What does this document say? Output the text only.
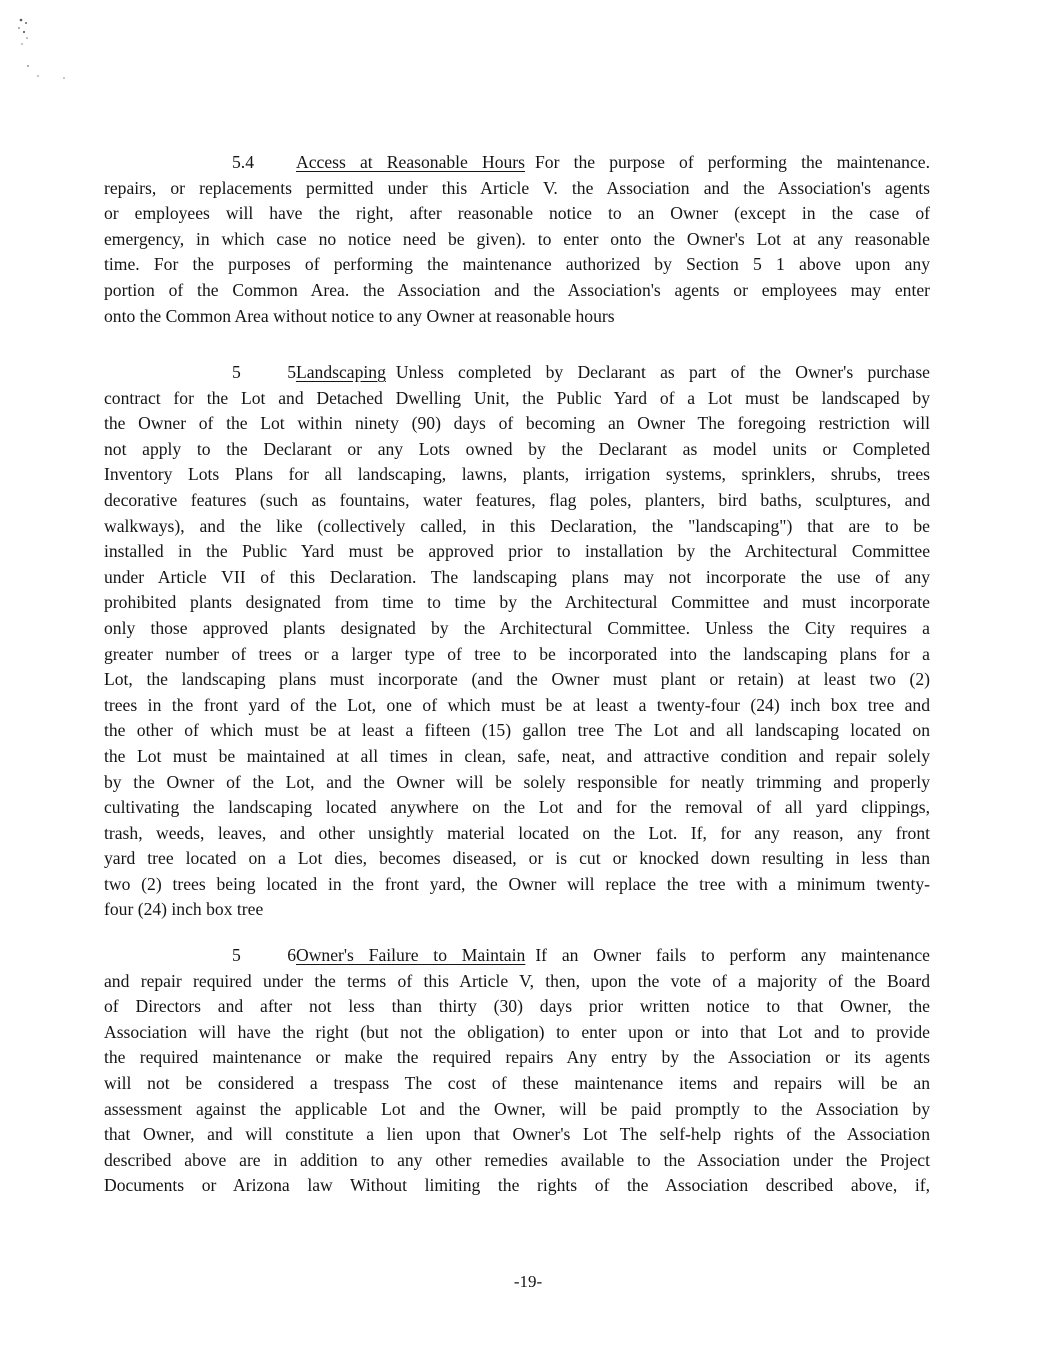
5.4 Access at Reasonable Hours For the purpose of performing the maintenance.
repairs, or replacements permitted under this Article V. the Association and the Association's agents
or employees will have the right, after reasonable notice to an Owner (except in the case of
emergency, in which case no notice need be given). to enter onto the Owner's Lot at any reasonable
time. For the purposes of performing the maintenance authorized by Section 5 1 above upon any
portion of the Common Area. the Association and the Association's agents or employees may enter
onto the Common Area without notice to any Owner at reasonable hours

5 5Landscaping Unless completed by Declarant as part of the Owner's purchase
contract for the Lot and Detached Dwelling Unit, the Public Yard of a Lot must be landscaped by
the Owner of the Lot within ninety (90) days of becoming an Owner The foregoing restriction will
not apply to the Declarant or any Lots owned by the Declarant as model units or Completed
Inventory Lots Plans for all landscaping, lawns, plants, irrigation systems, sprinklers, shrubs, trees
decorative features (such as fountains, water features, flag poles, planters, bird baths, sculptures, and
walkways), and the like (collectively called, in this Declaration, the "landscaping") that are to be
installed in the Public Yard must be approved prior to installation by the Architectural Committee
under Article VII of this Declaration. The landscaping plans may not incorporate the use of any
prohibited plants designated from time to time by the Architectural Committee and must incorporate
only those approved plants designated by the Architectural Committee. Unless the City requires a
greater number of trees or a larger type of tree to be incorporated into the landscaping plans for a
Lot, the landscaping plans must incorporate (and the Owner must plant or retain) at least two (2)
trees in the front yard of the Lot, one of which must be at least a twenty-four (24) inch box tree and
the other of which must be at least a fifteen (15) gallon tree The Lot and all landscaping located on
the Lot must be maintained at all times in clean, safe, neat, and attractive condition and repair solely
by the Owner of the Lot, and the Owner will be solely responsible for neatly trimming and properly
cultivating the landscaping located anywhere on the Lot and for the removal of all yard clippings,
trash, weeds, leaves, and other unsightly material located on the Lot. If, for any reason, any front
yard tree located on a Lot dies, becomes diseased, or is cut or knocked down resulting in less than
two (2) trees being located in the front yard, the Owner will replace the tree with a minimum twenty-
four (24) inch box tree

5 6Owner's Failure to Maintain If an Owner fails to perform any maintenance
and repair required under the terms of this Article V, then, upon the vote of a majority of the Board
of Directors and after not less than thirty (30) days prior written notice to that Owner, the
Association will have the right (but not the obligation) to enter upon or into that Lot and to provide
the required maintenance or make the required repairs Any entry by the Association or its agents
will not be considered a trespass The cost of these maintenance items and repairs will be an
assessment against the applicable Lot and the Owner, will be paid promptly to the Association by
that Owner, and will constitute a lien upon that Owner's Lot The self-help rights of the Association
described above are in addition to any other remedies available to the Association under the Project
Documents or Arizona law Without limiting the rights of the Association described above, if,

-19-
